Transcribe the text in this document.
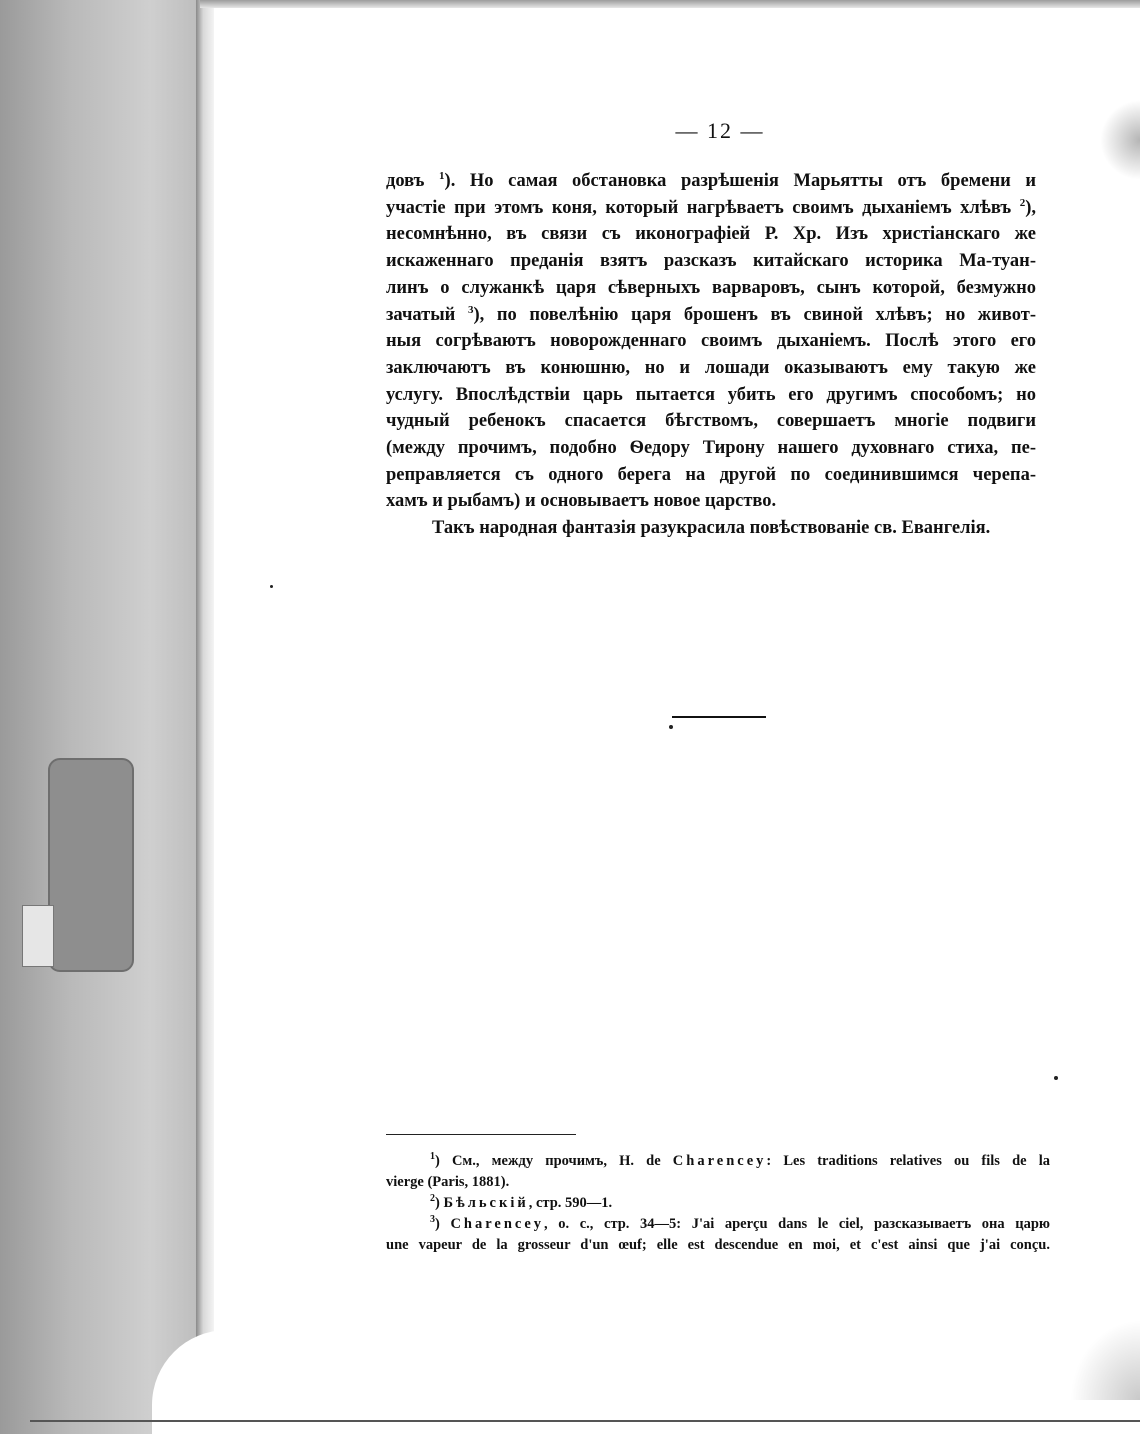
— 12 —
довъ $^1$). Но самая обстановка разрѣшенія Марьятты отъ бремени и
участіе при этомъ коня, который нагрѣваетъ своимъ дыханіемъ хлѣвъ $^2$),
несомнѣнно, въ связи съ иконографіей Р. Хр. Изъ христіанскаго же
искаженнаго преданія взятъ разсказъ китайскаго историка Ма-туан-
линъ о служанкѣ царя сѣверныхъ варваровъ, сынъ которой, безмужно
зачатый $^3$), по повелѣнію царя брошенъ въ свиной хлѣвъ; но живот-
ныя согрѣваютъ новорожденнаго своимъ дыханіемъ. Послѣ этого его
заключаютъ въ конюшню, но и лошади оказываютъ ему такую же
услугу. Впослѣдствіи царь пытается убить его другимъ способомъ; но
чудный ребенокъ спасается бѣгствомъ, совершаетъ многіе подвиги
(между прочимъ, подобно Ѳедору Тирону нашего духовнаго стиха, пе-
реправляется съ одного берега на другой по соединившимся черепа-
хамъ и рыбамъ) и основываетъ новое царство.
Такъ народная фантазія разукрасила повѣствованіе св. Евангелія.
$^1$) См., между прочимъ, H. de Charencey: Les traditions relatives ou fils de la
vierge (Paris, 1881).
$^2$) Бѣльскій, стр. 590—1.
$^3$) Charencey, o. c., стр. 34—5: J'ai aperçu dans le ciel, разсказываетъ она царю
une vapeur de la grosseur d'un œuf; elle est descendue en moi, et c'est ainsi que j'ai conçu.
